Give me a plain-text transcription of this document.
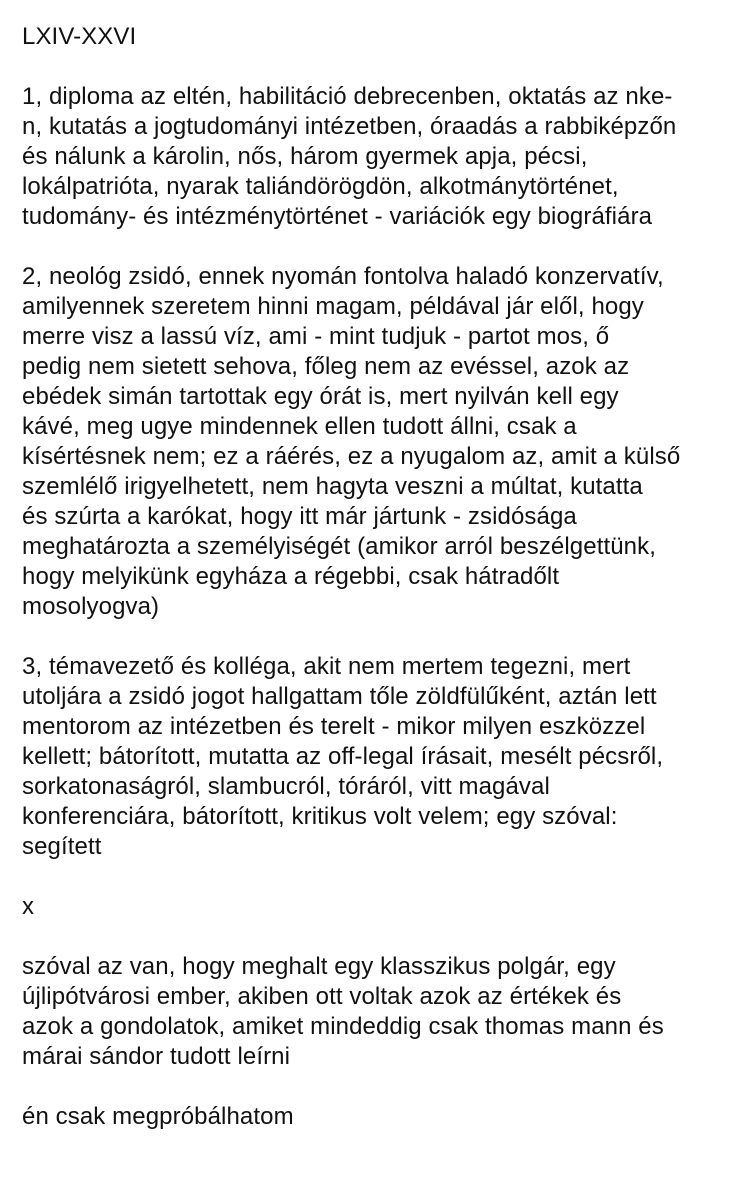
LXIV-XXVI

1, diploma az eltén, habilitáció debrecenben, oktatás az nke-
n, kutatás a jogtudományi intézetben, óraadás a rabbiképzőn
és nálunk a károlin, nős, három gyermek apja, pécsi,
lokálpatrióta, nyarak taliándörögdön, alkotmánytörténet,
tudomány- és intézménytörténet - variációk egy biográfiára

2, neológ zsidó, ennek nyomán fontolva haladó konzervatív,
amilyennek szeretem hinni magam, példával jár elől, hogy
merre visz a lassú víz, ami - mint tudjuk - partot mos, ő
pedig nem sietett sehova, főleg nem az evéssel, azok az
ebédek simán tartottak egy órát is, mert nyilván kell egy
kávé, meg ugye mindennek ellen tudott állni, csak a
kísértésnek nem; ez a ráérés, ez a nyugalom az, amit a külső
szemlélő irigyelhetett, nem hagyta veszni a múltat, kutatta
és szúrta a karókat, hogy itt már jártunk - zsidósága
meghatározta a személyiségét (amikor arról beszélgettünk,
hogy melyikünk egyháza a régebbi, csak hátradőlt
mosolyogva)

3, témavezető és kolléga, akit nem mertem tegezni, mert
utoljára a zsidó jogot hallgattam tőle zöldfülűként, aztán lett
mentorom az intézetben és terelt - mikor milyen eszközzel
kellett; bátorított, mutatta az off-legal írásait, mesélt pécsről,
sorkatonaságról, slambucról, tóráról, vitt magával
konferenciára, bátorított, kritikus volt velem; egy szóval:
segített

x

szóval az van, hogy meghalt egy klasszikus polgár, egy
újlipótvárosi ember, akiben ott voltak azok az értékek és
azok a gondolatok, amiket mindeddig csak thomas mann és
márai sándor tudott leírni

én csak megpróbálhatom
